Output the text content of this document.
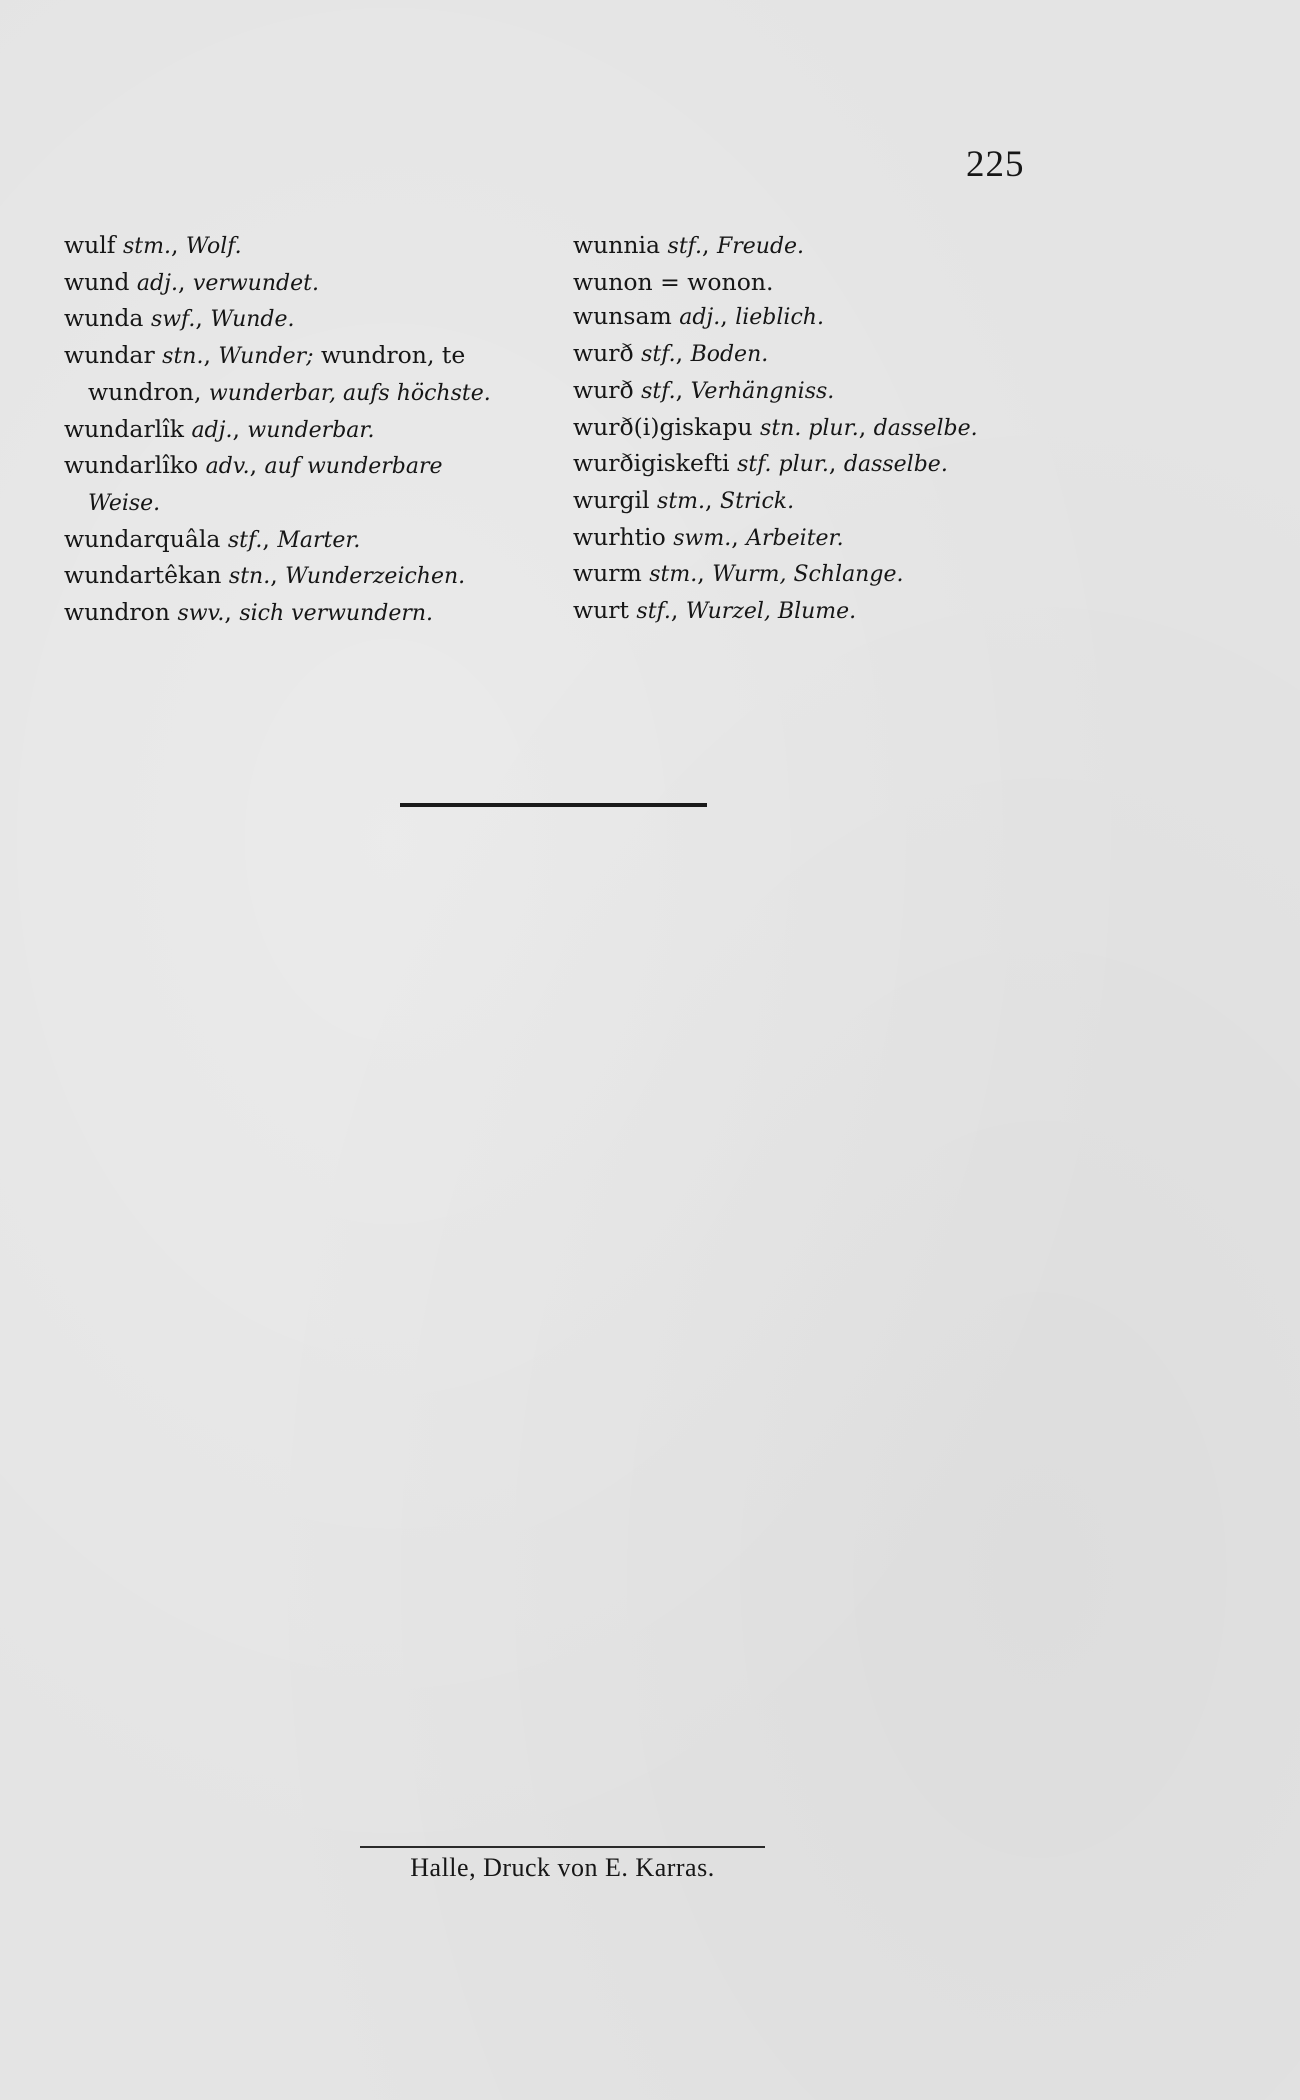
225

wulf stm., Wolf.

wund adj., verwundet.

wunda swf., Wunde.

wundar stn., Wunder; wundron, te

wundron, wunderbar, aufs höchste.

wundarlîk adj., wunderbar.

wundarlîko adv., auf wunderbare

Weise.

wundarquâla stf., Marter.

wundartêkan stn., Wunderzeichen.

wundron swv., sich verwundern.

wunnia stf., Freude.

wunon = wonon.

wunsam adj., lieblich.

wurð stf., Boden.

wurð stf., Verhängniss.

wurð(i)giskapu stn. plur., dasselbe.

wurðigiskefti stf. plur., dasselbe.

wurgil stm., Strick.

wurhtio swm., Arbeiter.

wurm stm., Wurm, Schlange.

wurt stf., Wurzel, Blume.

Halle, Druck von E. Karras.
